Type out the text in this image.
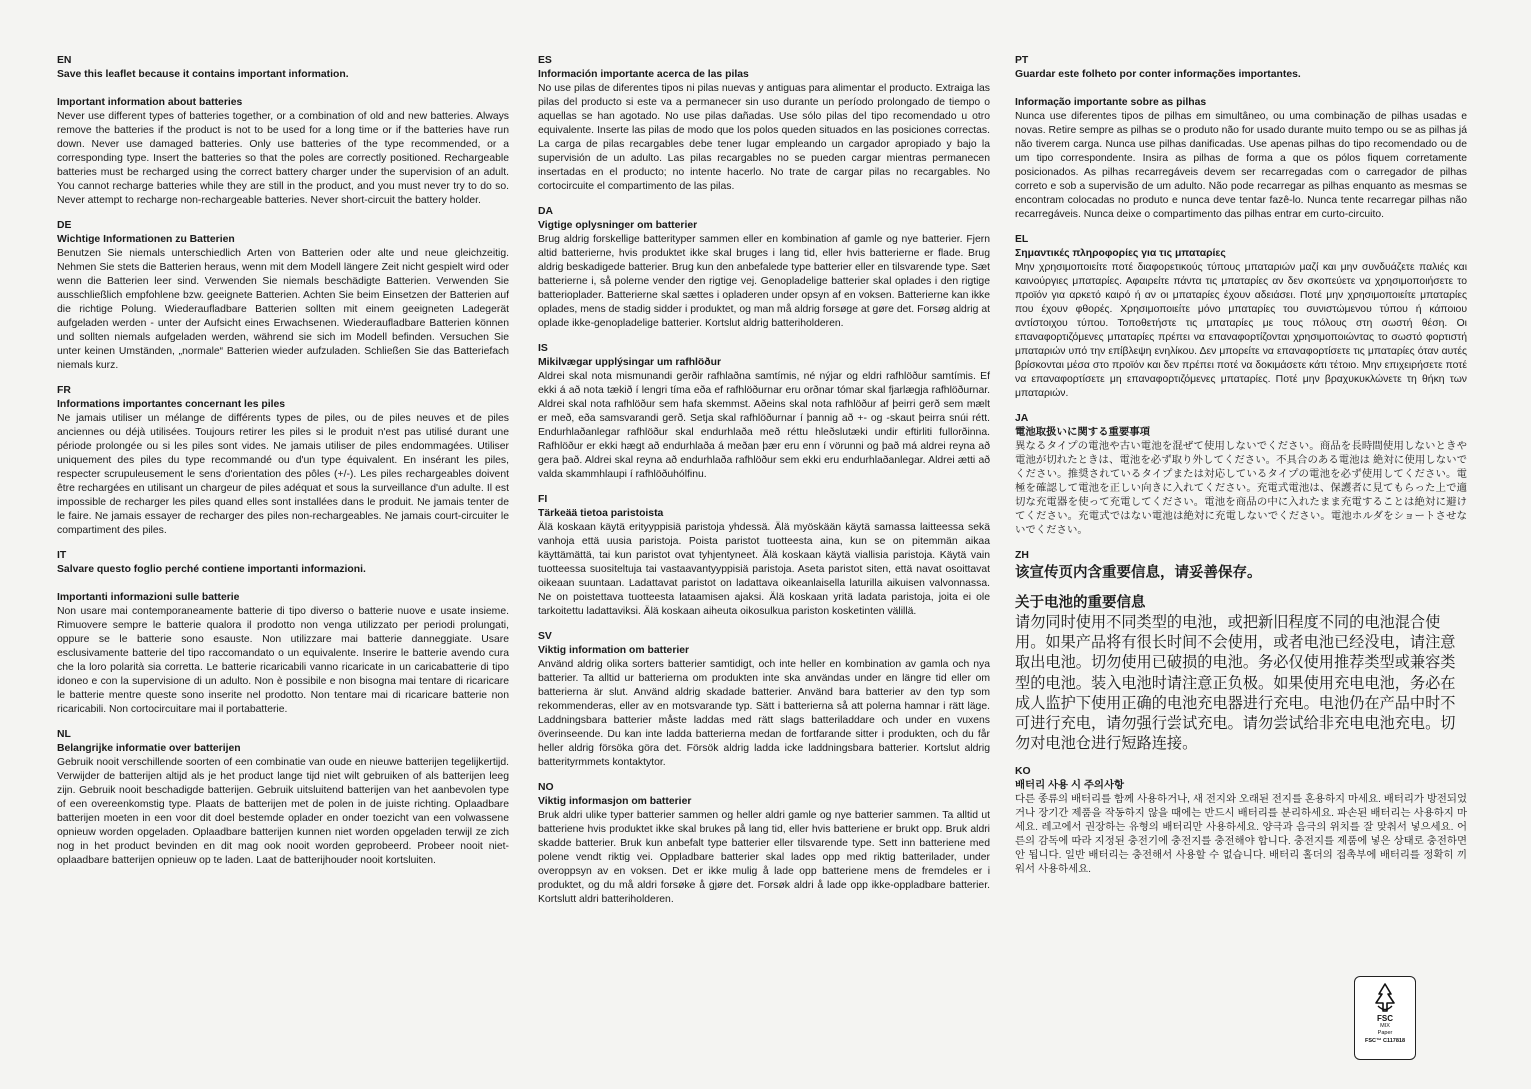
EN

Save this leaflet because it contains important information.

Important information about batteries

Never use different types of batteries together, or a combination of old and new batteries. Always remove the batteries if the product is not to be used for a long time or if the batteries have run down. Never use damaged batteries. Only use batteries of the type recommended, or a corresponding type. Insert the batteries so that the poles are correctly positioned. Rechargeable batteries must be recharged using the correct battery charger under the supervision of an adult. You cannot recharge batteries while they are still in the product, and you must never try to do so. Never attempt to recharge non-rechargeable batteries. Never short-circuit the battery holder.

DE

Wichtige Informationen zu Batterien

Benutzen Sie niemals unterschiedlich Arten von Batterien oder alte und neue gleichzeitig. Nehmen Sie stets die Batterien heraus, wenn mit dem Modell längere Zeit nicht gespielt wird oder wenn die Batterien leer sind. Verwenden Sie niemals beschädigte Batterien. Verwenden Sie ausschließlich empfohlene bzw. geeignete Batterien. Achten Sie beim Einsetzen der Batterien auf die richtige Polung. Wiederaufladbare Batterien sollten mit einem geeigneten Ladegerät aufgeladen werden - unter der Aufsicht eines Erwachsenen. Wiederaufladbare Batterien können und sollten niemals aufgeladen werden, während sie sich im Modell befinden. Versuchen Sie unter keinen Umständen, „normale“ Batterien wieder aufzuladen. Schließen Sie das Batteriefach niemals kurz.

FR

Informations importantes concernant les piles

Ne jamais utiliser un mélange de différents types de piles, ou de piles neuves et de piles anciennes ou déjà utilisées. Toujours retirer les piles si le produit n'est pas utilisé durant une période prolongée ou si les piles sont vides. Ne jamais utiliser de piles endommagées. Utiliser uniquement des piles du type recommandé ou d'un type équivalent. En insérant les piles, respecter scrupuleusement le sens d'orientation des pôles (+/-). Les piles rechargeables doivent être rechargées en utilisant un chargeur de piles adéquat et sous la surveillance d'un adulte. Il est impossible de recharger les piles quand elles sont installées dans le produit. Ne jamais tenter de le faire. Ne jamais essayer de recharger des piles non-rechargeables. Ne jamais court-circuiter le compartiment des piles.

IT

Salvare questo foglio perché contiene importanti informazioni.

Importanti informazioni sulle batterie

Non usare mai contemporaneamente batterie di tipo diverso o batterie nuove e usate insieme. Rimuovere sempre le batterie qualora il prodotto non venga utilizzato per periodi prolungati, oppure se le batterie sono esauste. Non utilizzare mai batterie danneggiate. Usare esclusivamente batterie del tipo raccomandato o un equivalente. Inserire le batterie avendo cura che la loro polarità sia corretta. Le batterie ricaricabili vanno ricaricate in un caricabatterie di tipo idoneo e con la supervisione di un adulto. Non è possibile e non bisogna mai tentare di ricaricare le batterie mentre queste sono inserite nel prodotto. Non tentare mai di ricaricare batterie non ricaricabili. Non cortocircuitare mai il portabatterie.

NL

Belangrijke informatie over batterijen

Gebruik nooit verschillende soorten of een combinatie van oude en nieuwe batterijen tegelijkertijd. Verwijder de batterijen altijd als je het product lange tijd niet wilt gebruiken of als batterijen leeg zijn. Gebruik nooit beschadigde batterijen. Gebruik uitsluitend batterijen van het aanbevolen type of een overeenkomstig type. Plaats de batterijen met de polen in de juiste richting. Oplaadbare batterijen moeten in een voor dit doel bestemde oplader en onder toezicht van een volwassene opnieuw worden opgeladen. Oplaadbare batterijen kunnen niet worden opgeladen terwijl ze zich nog in het product bevinden en dit mag ook nooit worden geprobeerd. Probeer nooit niet-oplaadbare batterijen opnieuw op te laden. Laat de batterijhouder nooit kortsluiten.

ES

Información importante acerca de las pilas

No use pilas de diferentes tipos ni pilas nuevas y antiguas para alimentar el producto. Extraiga las pilas del producto si este va a permanecer sin uso durante un período prolongado de tiempo o aquellas se han agotado. No use pilas dañadas. Use sólo pilas del tipo recomendado u otro equivalente. Inserte las pilas de modo que los polos queden situados en las posiciones correctas. La carga de pilas recargables debe tener lugar empleando un cargador apropiado y bajo la supervisión de un adulto. Las pilas recargables no se pueden cargar mientras permanecen insertadas en el producto; no intente hacerlo. No trate de cargar pilas no recargables. No cortocircuite el compartimento de las pilas.

DA

Vigtige oplysninger om batterier

Brug aldrig forskellige batterityper sammen eller en kombination af gamle og nye batterier. Fjern altid batterierne, hvis produktet ikke skal bruges i lang tid, eller hvis batterierne er flade. Brug aldrig beskadigede batterier. Brug kun den anbefalede type batterier eller en tilsvarende type. Sæt batterierne i, så polerne vender den rigtige vej. Genopladelige batterier skal oplades i den rigtige batterioplader. Batterierne skal sættes i opladeren under opsyn af en voksen. Batterierne kan ikke oplades, mens de stadig sidder i produktet, og man må aldrig forsøge at gøre det. Forsøg aldrig at oplade ikke-genopladelige batterier. Kortslut aldrig batteriholderen.

IS

Mikilvægar upplýsingar um rafhlöður

Aldrei skal nota mismunandi gerðir rafhlaðna samtímis, né nýjar og eldri rafhlöður samtímis. Ef ekki á að nota tækið í lengri tíma eða ef rafhlöðurnar eru orðnar tómar skal fjarlægja rafhlöðurnar. Aldrei skal nota rafhlöður sem hafa skemmst. Aðeins skal nota rafhlöður af þeirri gerð sem mælt er með, eða samsvarandi gerð. Setja skal rafhlöðurnar í þannig að +- og -skaut þeirra snúi rétt. Endurhlaðanlegar rafhlöður skal endurhlaða með réttu hleðslutæki undir eftirliti fullorðinna. Rafhlöður er ekki hægt að endurhlaða á meðan þær eru enn í vörunni og það má aldrei reyna að gera það. Aldrei skal reyna að endurhlaða rafhlöður sem ekki eru endurhlaðanlegar. Aldrei ætti að valda skammhlaupi í rafhlöðuhólfinu.

FI

Tärkeää tietoa paristoista

Älä koskaan käytä erityyppisiä paristoja yhdessä. Älä myöskään käytä samassa laitteessa sekä vanhoja että uusia paristoja. Poista paristot tuotteesta aina, kun se on pitemmän aikaa käyttämättä, tai kun paristot ovat tyhjentyneet. Älä koskaan käytä viallisia paristoja. Käytä vain tuotteessa suositeltuja tai vastaavantyyppisiä paristoja. Aseta paristot siten, että navat osoittavat oikeaan suuntaan. Ladattavat paristot on ladattava oikeanlaisella laturilla aikuisen valvonnassa. Ne on poistettava tuotteesta lataamisen ajaksi. Älä koskaan yritä ladata paristoja, joita ei ole tarkoitettu ladattaviksi. Älä koskaan aiheuta oikosulkua pariston kosketinten välillä.

SV

Viktig information om batterier

Använd aldrig olika sorters batterier samtidigt, och inte heller en kombination av gamla och nya batterier. Ta alltid ur batterierna om produkten inte ska användas under en längre tid eller om batterierna är slut. Använd aldrig skadade batterier. Använd bara batterier av den typ som rekommenderas, eller av en motsvarande typ. Sätt i batterierna så att polerna hamnar i rätt läge. Laddningsbara batterier måste laddas med rätt slags batteriladdare och under en vuxens överinseende. Du kan inte ladda batterierna medan de fortfarande sitter i produkten, och du får heller aldrig försöka göra det. Försök aldrig ladda icke laddningsbara batterier. Kortslut aldrig batterityrmmets kontaktytor.

NO

Viktig informasjon om batterier

Bruk aldri ulike typer batterier sammen og heller aldri gamle og nye batterier sammen. Ta alltid ut batteriene hvis produktet ikke skal brukes på lang tid, eller hvis batteriene er brukt opp. Bruk aldri skadde batterier. Bruk kun anbefalt type batterier eller tilsvarende type. Sett inn batteriene med polene vendt riktig vei. Oppladbare batterier skal lades opp med riktig batterilader, under overoppsyn av en voksen. Det er ikke mulig å lade opp batteriene mens de fremdeles er i produktet, og du må aldri forsøke å gjøre det. Forsøk aldri å lade opp ikke-oppladbare batterier. Kortslutt aldri batteriholderen.

PT

Guardar este folheto por conter informações importantes.

Informação importante sobre as pilhas

Nunca use diferentes tipos de pilhas em simultâneo, ou uma combinação de pilhas usadas e novas. Retire sempre as pilhas se o produto não for usado durante muito tempo ou se as pilhas já não tiverem carga. Nunca use pilhas danificadas. Use apenas pilhas do tipo recomendado ou de um tipo correspondente. Insira as pilhas de forma a que os pólos fiquem corretamente posicionados. As pilhas recarregáveis devem ser recarregadas com o carregador de pilhas correto e sob a supervisão de um adulto. Não pode recarregar as pilhas enquanto as mesmas se encontram colocadas no produto e nunca deve tentar fazê-lo. Nunca tente recarregar pilhas não recarregáveis. Nunca deixe o compartimento das pilhas entrar em curto-circuito.

EL

Σημαντικές πληροφορίες για τις μπαταρίες

Μην χρησιμοποιείτε ποτέ διαφορετικούς τύπους μπαταριών μαζί και μην συνδυάζετε παλιές και καινούργιες μπαταρίες. Αφαιρείτε πάντα τις μπαταρίες αν δεν σκοπεύετε να χρησιμοποιήσετε το προϊόν για αρκετό καιρό ή αν οι μπαταρίες έχουν αδειάσει. Ποτέ μην χρησιμοποιείτε μπαταρίες που έχουν φθορές. Χρησιμοποιείτε μόνο μπαταρίες του συνιστώμενου τύπου ή κάποιου αντίστοιχου τύπου. Τοποθετήστε τις μπαταρίες με τους πόλους στη σωστή θέση. Οι επαναφορτιζόμενες μπαταρίες πρέπει να επαναφορτίζονται χρησιμοποιώντας το σωστό φορτιστή μπαταριών υπό την επίβλεψη ενηλίκου. Δεν μπορείτε να επαναφορτίσετε τις μπαταρίες όταν αυτές βρίσκονται μέσα στο προϊόν και δεν πρέπει ποτέ να δοκιμάσετε κάτι τέτοιο. Μην επιχειρήσετε ποτέ να επαναφορτίσετε μη επαναφορτιζόμενες μπαταρίες. Ποτέ μην βραχυκυκλώνετε τη θήκη των μπαταριών.

JA

電池取扱いに関する重要事項

異なるタイプの電池や古い電池を混ぜて使用しないでください。商品を長時間使用しないときや電池が切れたときは、電池を必ず取り外してください。不具合のある電池は 絶対に使用しないでください。推奨されているタイプまたは対応しているタイプの電池を必ず使用してください。電極を確認して電池を正しい向きに入れてください。充電式電池は、保護者に見てもらった上で適切な充電器を使って充電してください。電池を商品の中に入れたまま充電することは絶対に避けてください。充電式ではない電池は絶対に充電しないでください。電池ホルダをショートさせないでください。

ZH

该宣传页内含重要信息，请妥善保存。

关于电池的重要信息

请勿同时使用不同类型的电池，或把新旧程度不同的电池混合使用。如果产品将有很长时间不会使用，或者电池已经没电，请注意取出电池。切勿使用已破损的电池。务必仅使用推荐类型或兼容类型的电池。装入电池时请注意正负极。如果使用充电电池，务必在成人监护下使用正确的电池充电器进行充电。电池仍在产品中时不可进行充电，请勿强行尝试充电。请勿尝试给非充电电池充电。切勿对电池仓进行短路连接。

KO

배터리 사용 시 주의사항

다른 종류의 배터리를 함께 사용하거나, 새 전지와 오래된 전지를 혼용하지 마세요. 배터리가 방전되었거나 장기간 제품을 작동하지 않을 때에는 반드시 배터리를 분리하세요. 파손된 배터리는 사용하지 마세요. 레고에서 권장하는 유형의 배터리만 사용하세요. 양극과 음극의 위치를 잘 맞춰서 넣으세요. 어른의 감독에 따라 지정된 충전기에 충전지를 충전해야 합니다. 충전지를 제품에 넣은 상태로 충전하면 안 됩니다. 일반 배터리는 충전해서 사용할 수 없습니다. 배터리 홀더의 접촉부에 배터리를 정확히 끼워서 사용하세요.

FSC
MIX
Paper
FSC™ C117818
